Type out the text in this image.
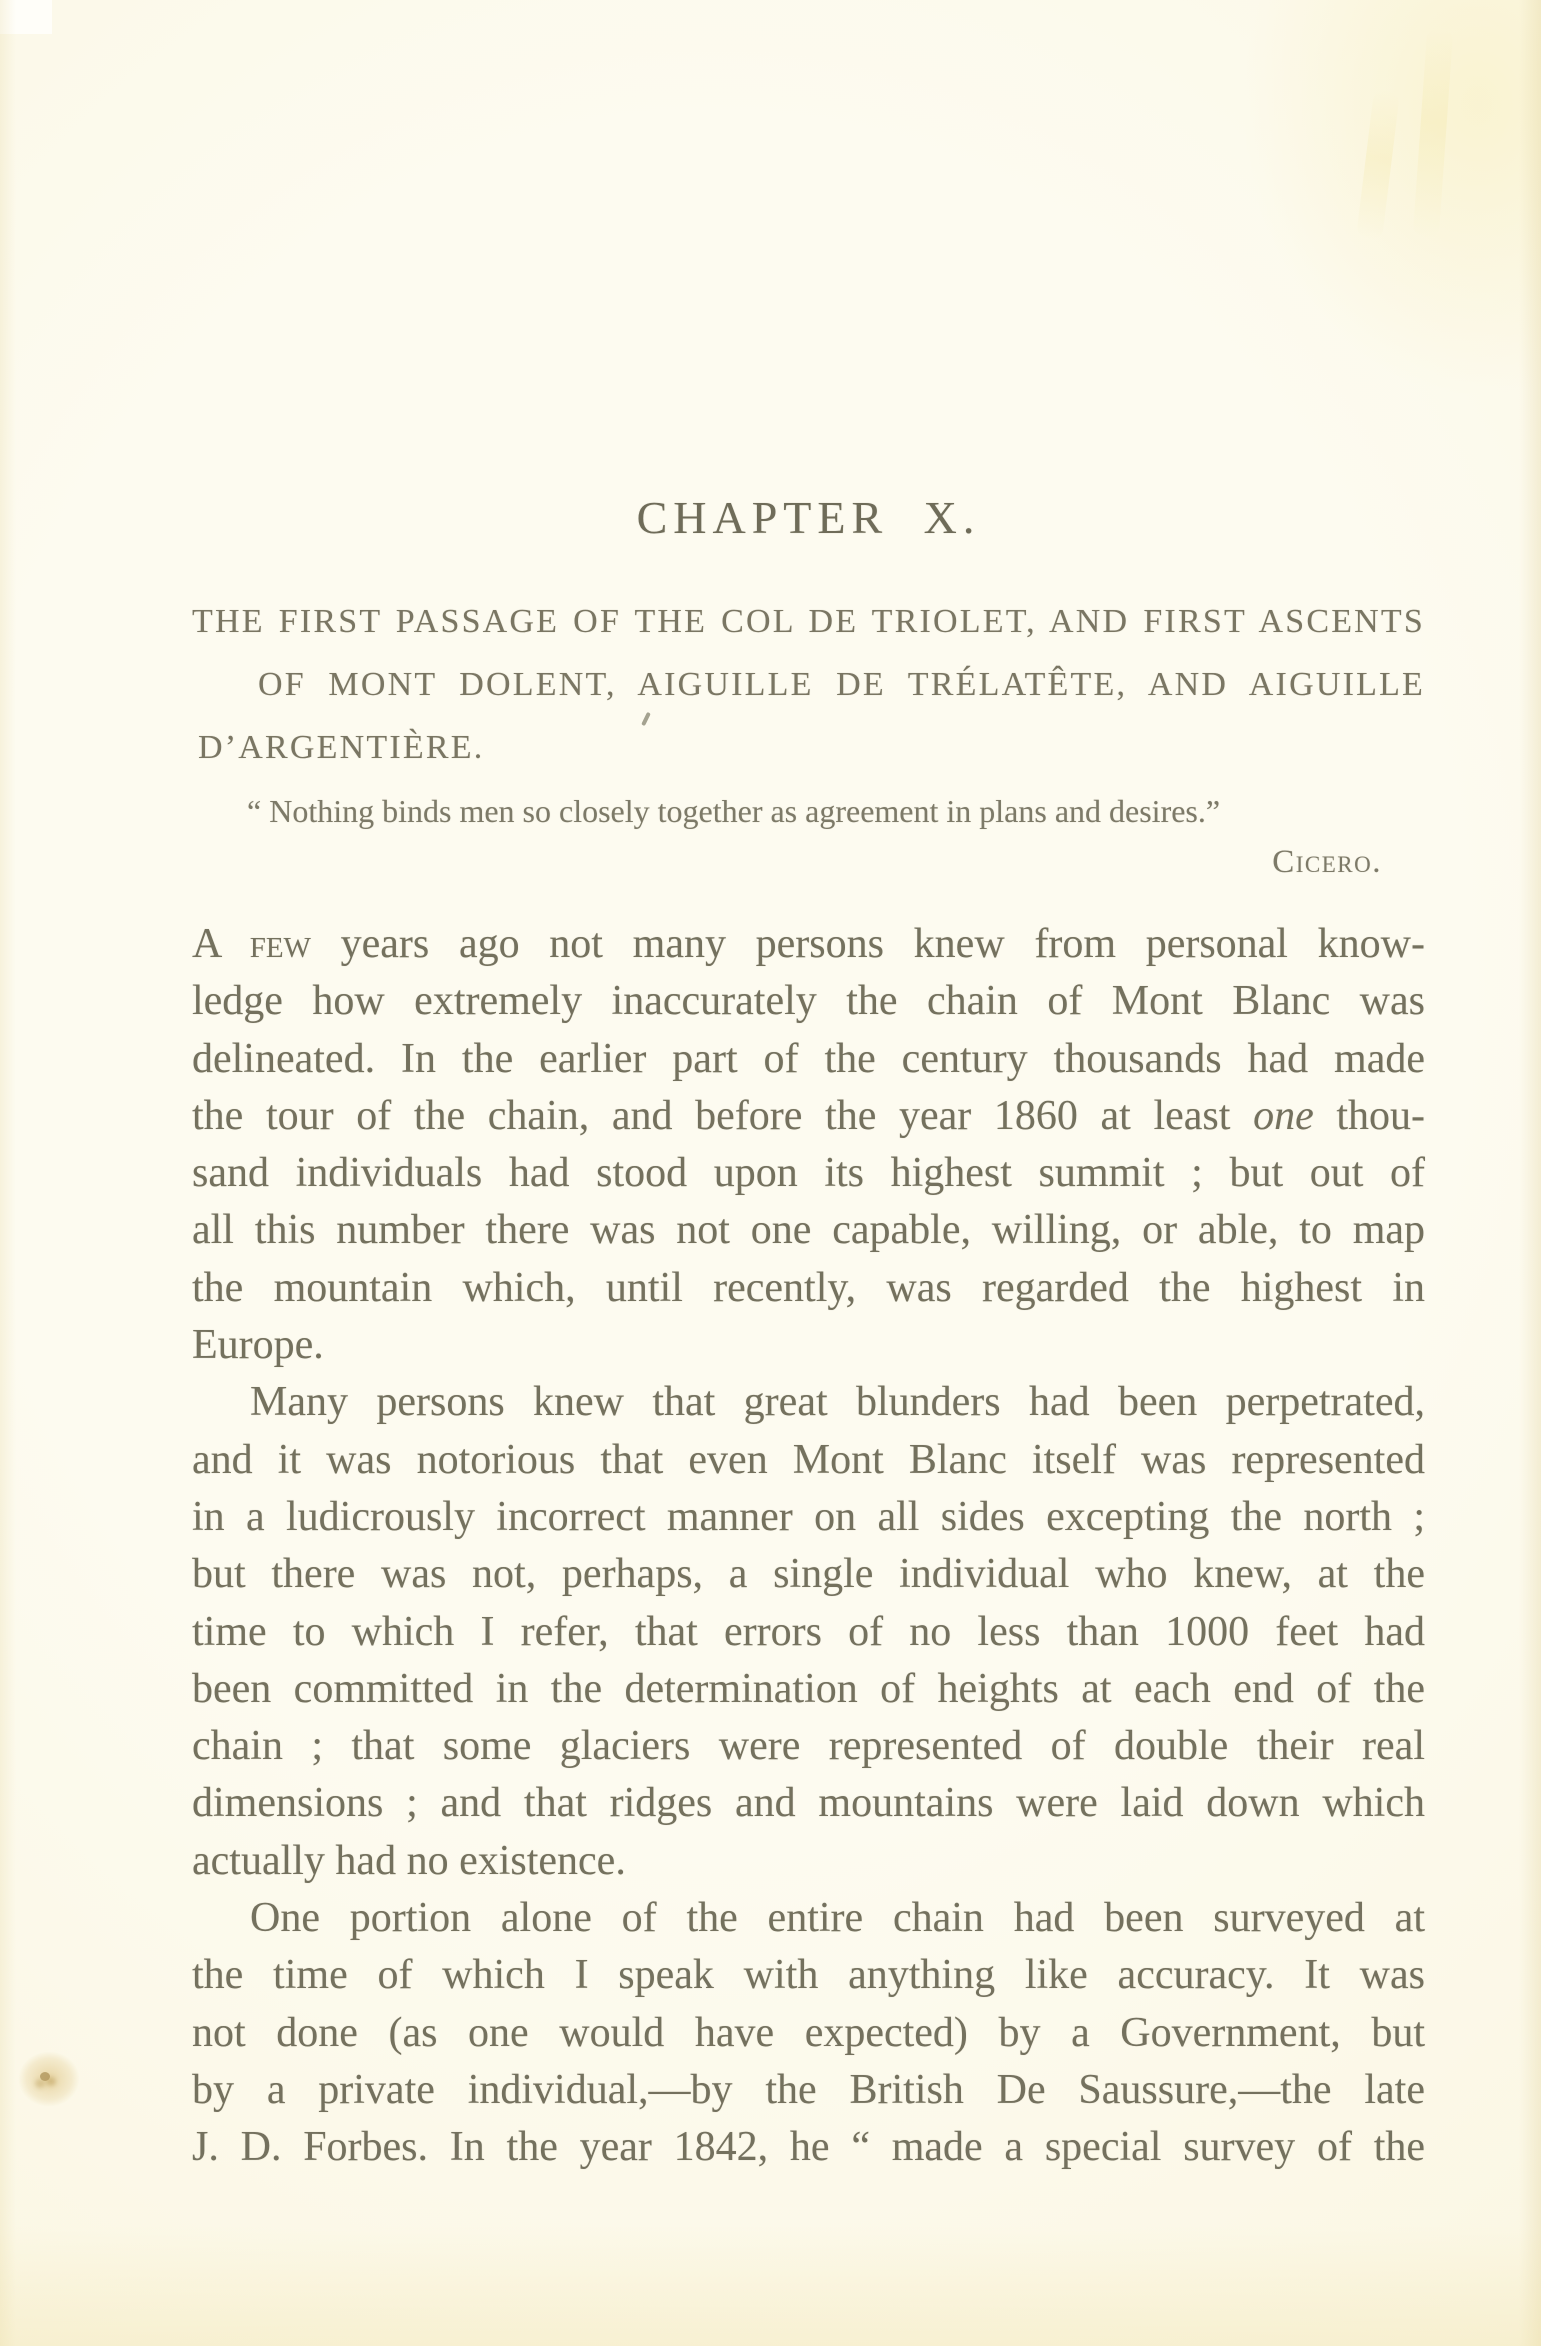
CHAPTER X.
THE FIRST PASSAGE OF THE COL DE TRIOLET, AND FIRST ASCENTS
OF MONT DOLENT, AIGUILLE DE TRÉLATÊTE, AND AIGUILLE
D’ARGENTIÈRE.
“ Nothing binds men so closely together as agreement in plans and desires.”
Cicero.
A few years ago not many persons knew from personal know-
ledge how extremely inaccurately the chain of Mont Blanc was
delineated. In the earlier part of the century thousands had made
the tour of the chain, and before the year 1860 at least one thou-
sand individuals had stood upon its highest summit ; but out of
all this number there was not one capable, willing, or able, to map
the mountain which, until recently, was regarded the highest in
Europe.
Many persons knew that great blunders had been perpetrated,
and it was notorious that even Mont Blanc itself was represented
in a ludicrously incorrect manner on all sides excepting the north ;
but there was not, perhaps, a single individual who knew, at the
time to which I refer, that errors of no less than 1000 feet had
been committed in the determination of heights at each end of the
chain ; that some glaciers were represented of double their real
dimensions ; and that ridges and mountains were laid down which
actually had no existence.
One portion alone of the entire chain had been surveyed at
the time of which I speak with anything like accuracy. It was
not done (as one would have expected) by a Government, but
by a private individual,—by the British De Saussure,—the late
J. D. Forbes. In the year 1842, he “ made a special survey of the
